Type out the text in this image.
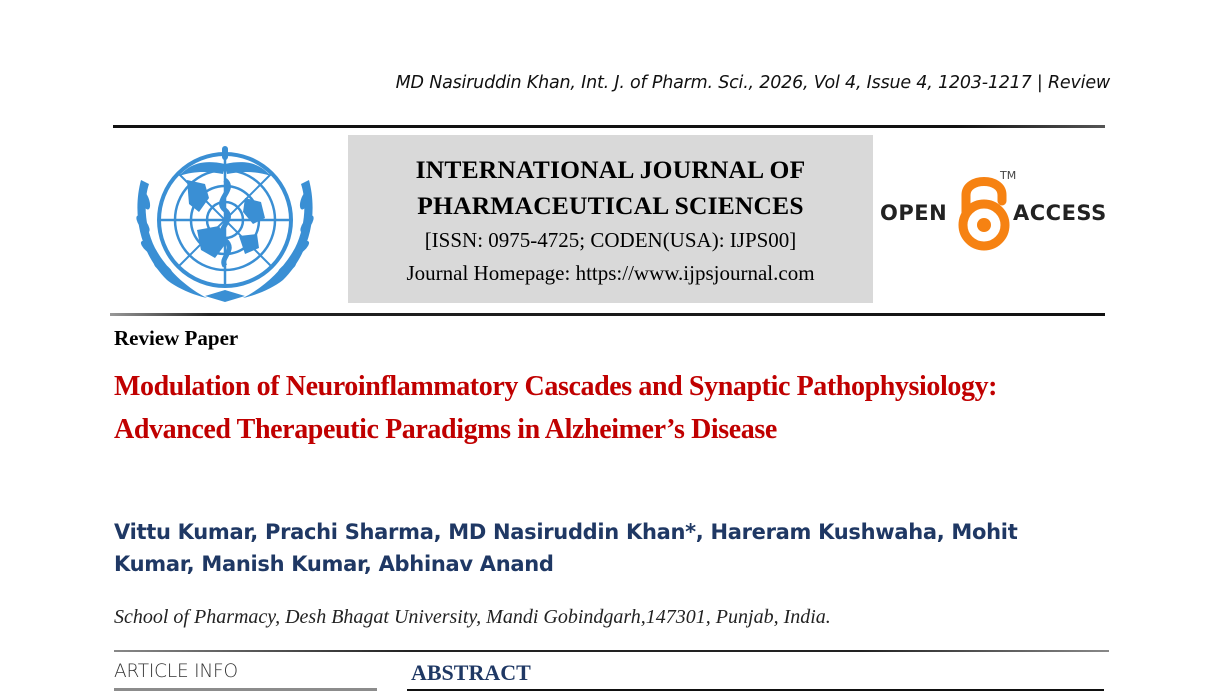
MD Nasiruddin Khan, Int. J. of Pharm. Sci., 2026, Vol 4, Issue 4, 1203-1217 | Review
INTERNATIONAL JOURNAL OF
PHARMACEUTICAL SCIENCES
[ISSN: 0975-4725; CODEN(USA): IJPS00]
Journal Homepage: https://www.ijpsjournal.com
OPEN
TM
ACCESS
Review Paper
Modulation of Neuroinflammatory Cascades and Synaptic Pathophysiology: Advanced Therapeutic Paradigms in Alzheimer’s Disease
Vittu Kumar, Prachi Sharma, MD Nasiruddin Khan*, Hareram Kushwaha, Mohit Kumar, Manish Kumar, Abhinav Anand
School of Pharmacy, Desh Bhagat University, Mandi Gobindgarh,147301, Punjab, India.
ARTICLE INFO	ABSTRACT
